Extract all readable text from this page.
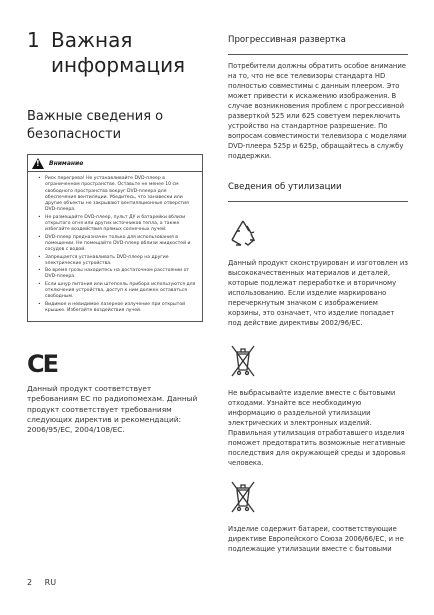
1 Важная
информация
Важные сведения о
безопасности
!
Внимание
• Риск перегрева! Не устанавливайте DVD-плеер в ограниченном пространстве. Оставьте не менее 10 см свободного пространства вокруг DVD-плеера для обеспечения вентиляции. Убедитесь, что занавески или другие объекты не закрывают вентиляционные отверстия DVD-плеера.
• Не размещайте DVD-плеер, пульт ДУ и батарейки вблизи открытого огня или других источников тепла, а также избегайте воздействия прямых солнечных лучей.
• DVD-плеер предназначен только для использования в помещении. Не помещайте DVD-плеер вблизи жидкостей и сосудов с водой.
• Запрещается устанавливать DVD-плеер на другие электрические устройства.
• Во время грозы находитесь на достаточном расстоянии от DVD-плеера.
• Если шнур питания или штепсель прибора используются для отключения устройства, доступ к ним должен оставаться свободным.
• Видимое и невидимое лазерное излучение при открытой крышке. Избегайте воздействия лучей.
CE
Данный продукт соответствует требованиям ЕС по радиопомехам. Данный продукт соответствует требованиям следующих директив и рекомендаций: 2006/95/EC, 2004/108/EC.
Прогрессивная развертка

Потребители должны обратить особое внимание на то, что не все телевизоры стандарта HD полностью совместимы с данным плеером. Это может привести к искажению изображения. В случае возникновения проблем с прогрессивной разверткой 525 или 625 советуем переключить устройство на стандартное разрешение. По вопросам совместимости телевизора с моделями DVD-плеера 525p и 625p, обращайтесь в службу поддержки.

Сведения об утилизации

Данный продукт сконструирован и изготовлен из высококачественных материалов и деталей, которые подлежат переработке и вторичному использованию. Если изделие маркировано перечеркнутым значком с изображением корзины, это означает, что изделие попадает под действие директивы 2002/96/EC.

Не выбрасывайте изделие вместе с бытовыми отходами. Узнайте все необходимую информацию о раздельной утилизации электрических и электронных изделий. Правильная утилизация отработавшего изделия поможет предотвратить возможные негативные последствия для окружающей среды и здоровья человека.

Изделие содержит батареи, соответствующие директиве Европейского Союза 2006/66/EC, и не подлежащие утилизации вместе с бытовыми

2 RU
